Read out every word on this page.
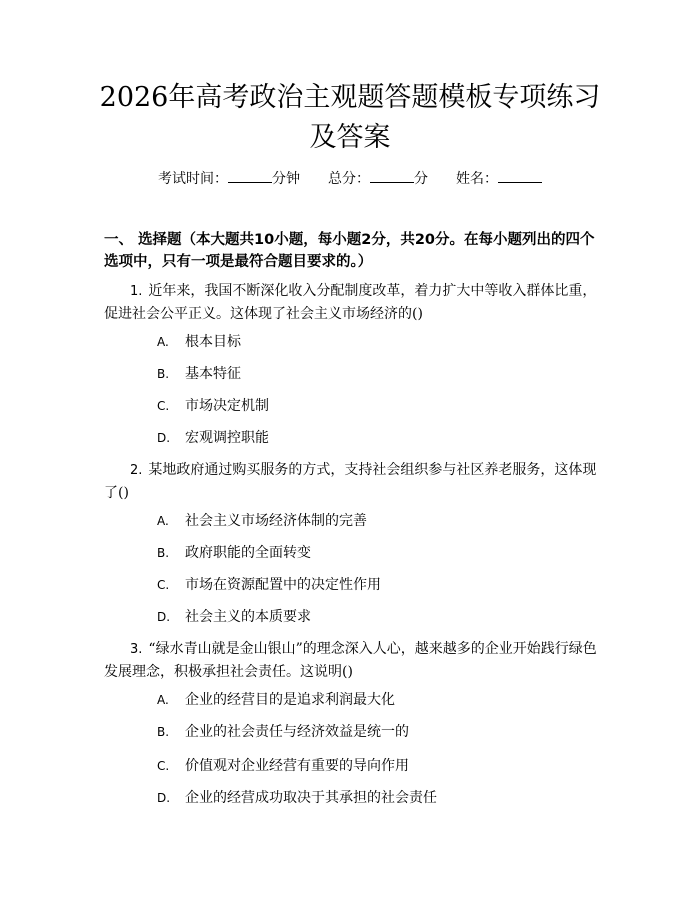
2026年高考政治主观题答题模板专项练习及答案
考试时间：	分钟 总分：	分 姓名：
一、 选择题（本大题共10小题，每小题2分，共20分。在每小题列出的四个选项中，只有一项是最符合题目要求的。）
1. 近年来，我国不断深化收入分配制度改革，着力扩大中等收入群体比重，促进社会公平正义。这体现了社会主义市场经济的()
A. 根本目标
B. 基本特征
C. 市场决定机制
D. 宏观调控职能
2. 某地政府通过购买服务的方式，支持社会组织参与社区养老服务，这体现了()
A. 社会主义市场经济体制的完善
B. 政府职能的全面转变
C. 市场在资源配置中的决定性作用
D. 社会主义的本质要求
3. “绿水青山就是金山银山”的理念深入人心，越来越多的企业开始践行绿色发展理念，积极承担社会责任。这说明()
A. 企业的经营目的是追求利润最大化
B. 企业的社会责任与经济效益是统一的
C. 价值观对企业经营有重要的导向作用
D. 企业的经营成功取决于其承担的社会责任
